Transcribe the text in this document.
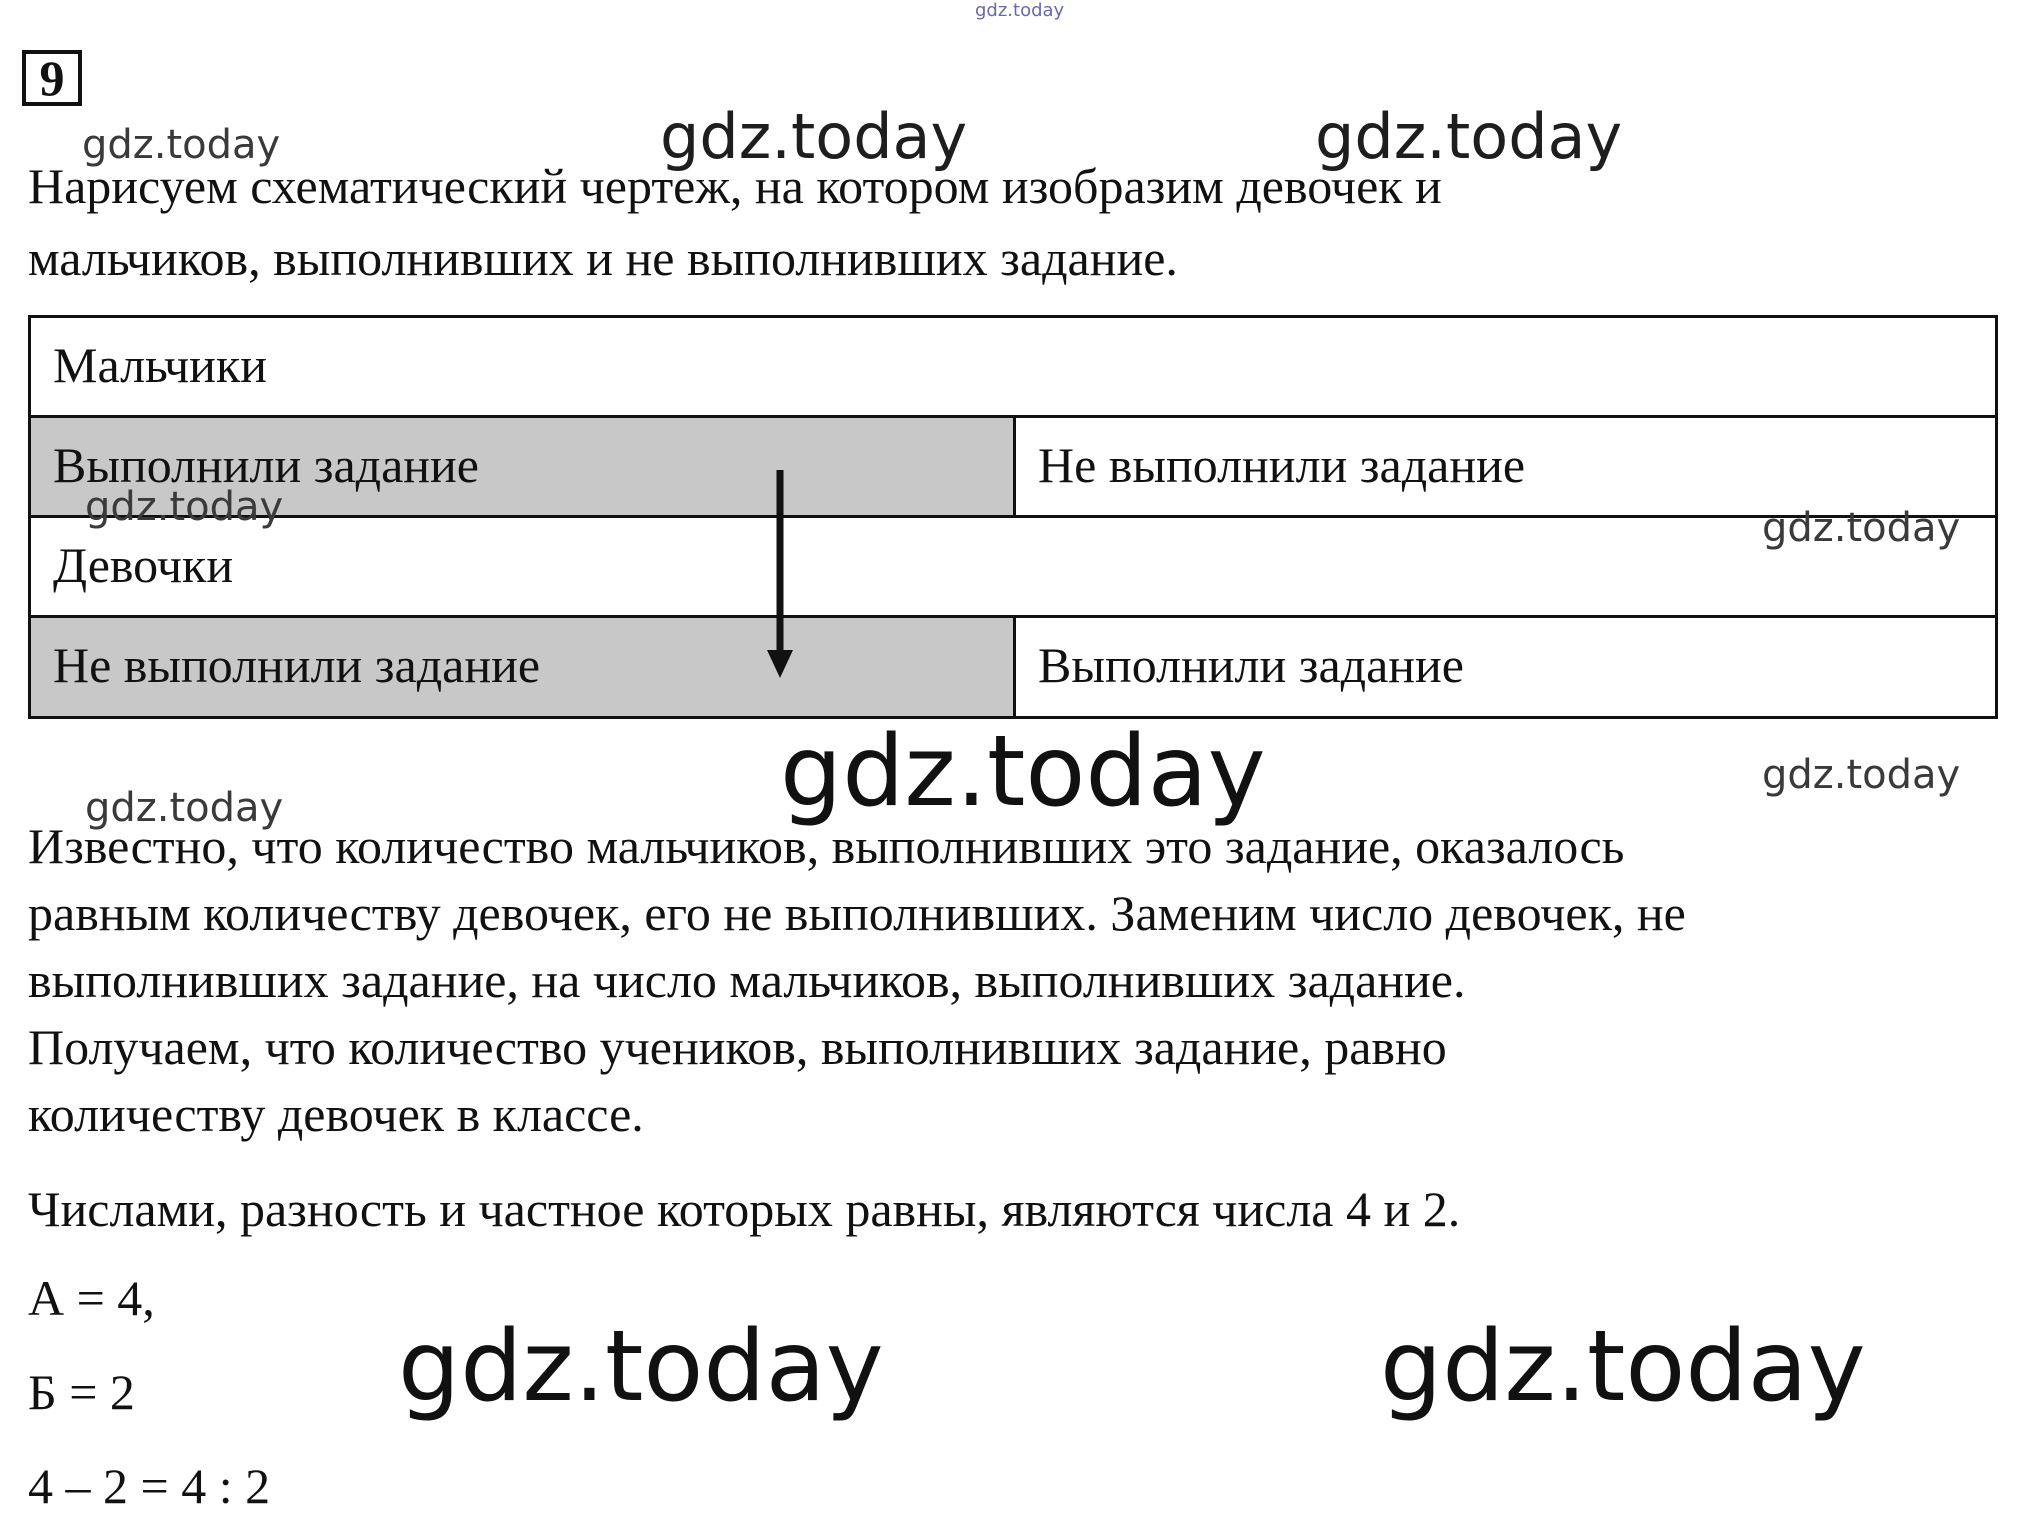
9
Нарисуем схематический чертеж, на котором изобразим девочек и
мальчиков, выполнивших и не выполнивших задание.
Мальчики
Выполнили задание	Не выполнили задание
Девочки
Не выполнили задание	Выполнили задание
Известно, что количество мальчиков, выполнивших это задание, оказалось
равным количеству девочек, его не выполнивших. Заменим число девочек, не
выполнивших задание, на число мальчиков, выполнивших задание.
Получаем, что количество учеников, выполнивших задание, равно
количеству девочек в классе.
Числами, разность и частное которых равны, являются числа 4 и 2.
А = 4,
Б = 2
4 – 2 = 4 : 2
gdz.today
gdz.today	gdz.today	gdz.today
gdz.today	gdz.today
gdz.today	gdz.today
gdz.today
gdz.today	gdz.today
